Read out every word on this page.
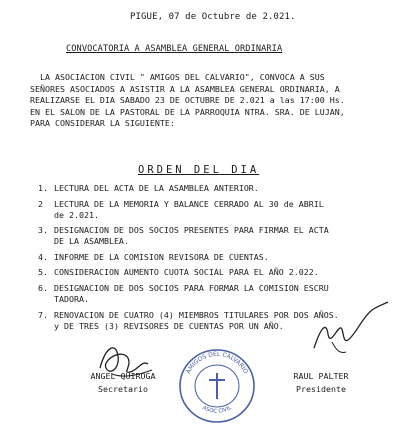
PIGUE, 07 de Octubre de 2.021.
CONVOCATORIA A ASAMBLEA GENERAL ORDINARIA
LA ASOCIACION CIVIL " AMIGOS DEL CALVARIO", CONVOCA A SUS
SEÑORES ASOCIADOS A ASISTIR A LA ASAMBLEA GENERAL ORDINARIA, A
REALIZARSE EL DIA SABADO 23 DE OCTUBRE DE 2.021 a las 17:00 Hs.
EN EL SALON DE LA PASTORAL DE LA PARROQUIA NTRA. SRA. DE LUJAN,
PARA CONSIDERAR LA SIGUIENTE:
ORDEN DEL DIA
1. LECTURA DEL ACTA DE LA ASAMBLEA ANTERIOR.
2	LECTURA DE LA MEMORIA Y BALANCE CERRADO AL 30 de ABRIL
de 2.021.
3. DESIGNACION DE DOS SOCIOS PRESENTES PARA FIRMAR EL ACTA
DE LA ASAMBLEA.
4. INFORME DE LA COMISION REVISORA DE CUENTAS.
5. CONSIDERACION AUMENTO CUOTA SOCIAL PARA EL AÑO 2.022.
6. DESIGNACION DE DOS SOCIOS PARA FORMAR LA COMISION ESCRU
TADORA.
7. RENOVACION DE CUATRO (4) MIEMBROS TITULARES POR DOS AÑOS.
y DE TRES (3) REVISORES DE CUENTAS POR UN AÑO.
ANGEL QUIROGA
Secretario
AMIGOS DEL CALVARIO
ASOC CIVIL
RAUL PALTER
Presidente
